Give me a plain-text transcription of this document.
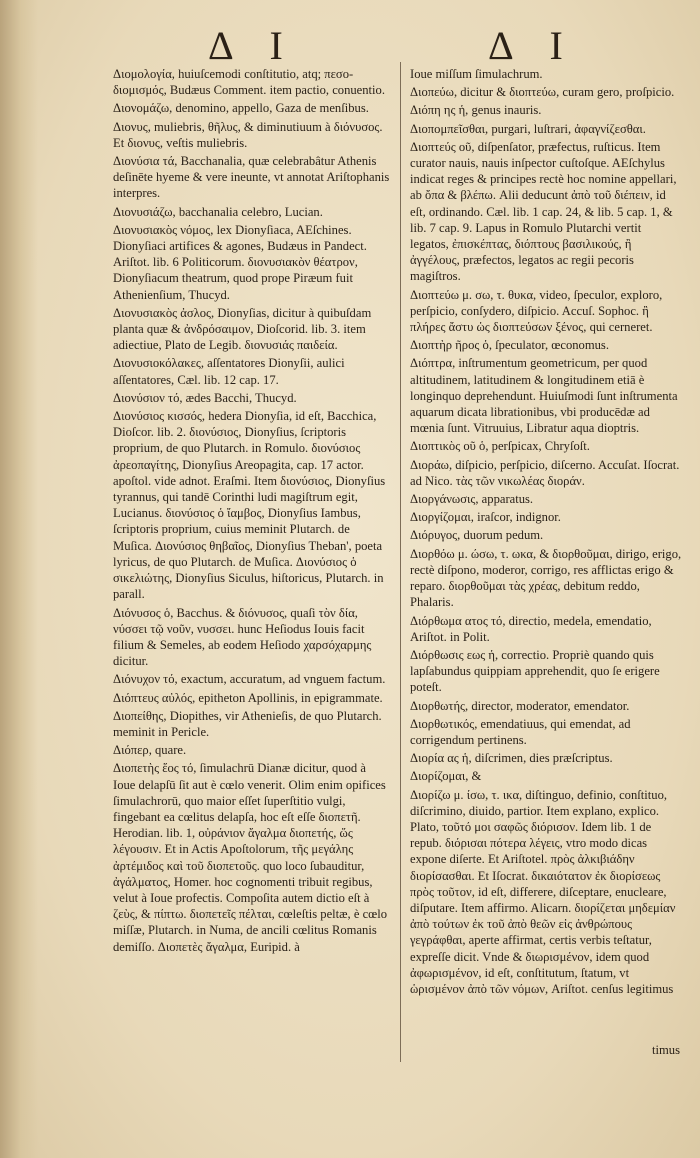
Δ I	Δ I
Διομολογία, huiuſcemodi conſtitutio, atq; πεσο-διομισμός, Budæus Comment. item pactio, conuentio.
Διονομάζω, denomino, appello, Gaza de menſibus.
Διονυς, muliebris, θῆλυς, & diminutiuum à διόνυσος. Et διονυς, veſtis muliebris.
Διονύσια τά, Bacchanalia, quæ celebrabâtur Athenis deſinēte hyeme & vere ineunte, vt annotat Ariſtophanis interpres.
Διονυσιάζω, bacchanalia celebro, Lucian.
Διονυσιακὸς νόμος, lex Dionyſiaca, AEſchines. Dionyſiaci artifices & agones, Budæus in Pandect. Ariſtot. lib. 6 Politicorum. διονυσιακὸν θέατρον, Dionyſiacum theatrum, quod prope Piræum fuit Athenienſium, Thucyd.
Διονυσιακὸς ἀσλος, Dionyſias, dicitur à quibuſdam planta quæ & ἀνδρόσαιμον, Dioſcorid. lib. 3. item adiectiue, Plato de Legib. διονυσιάς παιδεία.
Διονυσιοκόλακες, aſſentatores Dionyſii, aulici aſſentatores, Cæl. lib. 12 cap. 17.
Διονύσιον τό, ædes Bacchi, Thucyd.
Διονύσιος κισσός, hedera Dionyſia, id eſt, Bacchica, Dioſcor. lib. 2. διονύσιος, Dionyſius, ſcriptoris proprium, de quo Plutarch. in Romulo. διονύσιος ἀρεοπαγίτης, Dionyſius Areopagita, cap. 17 actor. apoſtol. vide adnot. Eraſmi. Item διονύσιος, Dionyſius tyrannus, qui tandē Corinthi ludi magiſtrum egit, Lucianus. διονύσιος ὁ ἴαμβος, Dionyſius Iambus, ſcriptoris proprium, cuius meminit Plutarch. de Muſica. Διονύσιος θηβαῖος, Dionyſius Theban', poeta lyricus, de quo Plutarch. de Muſica. Διονύσιος ὁ σικελιώτης, Dionyſius Siculus, hiſtoricus, Plutarch. in parall.
Διόνυσος ὁ, Bacchus. & διόνυσος, quaſi τὸν δία, νύσσει τῷ νοῦν, νυσσει. hunc Heſiodus Iouis facit filium & Semeles, ab eodem Heſiodo χαρσόχαρμης dicitur.
Διόνυχον τό, exactum, accuratum, ad vnguem factum.
Διόπτευς αὐλός, epitheton Apollinis, in epigrammate.
Διοπείθης, Diopithes, vir Athenieſis, de quo Plutarch. meminit in Pericle.
Διόπερ, quare.
Διοπετὴς ἕος τό, ſimulachrū Dianæ dicitur, quod à Ioue delapſū ſit aut è cœlo venerit. Olim enim opifices ſimulachrorū, quo maior eſſet ſuperſtitio vulgi, fingebant ea cœlitus delapſa, hoc eſt eſſe διοπετῆ. Herodian. lib. 1, οὐράνιον ἄγαλμα διοπετής, ὥς λέγουσιν. Et in Actis Apoſtolorum, τῆς μεγάλης ἀρτέμιδος καὶ τοῦ διοπετοῦς. quo loco ſubauditur, ἀγάλματος, Homer. hoc cognomenti tribuit regibus, velut à Ioue profectis. Compoſita autem dictio eſt à ζεὺς, & πίπτω. διοπετεῖς πέλται, cœleſtis peltæ, è cœlo miſſæ, Plutarch. in Numa, de ancili cœlitus Romanis demiſſo. Διοπετὲς ἄγαλμα, Euripid. à
Ioue miſſum ſimulachrum.
Διοπεύω, dicitur & διοπτεύω, curam gero, proſpicio.
Διόπη ης ἡ, genus inauris.
Διοπομπεῖσθαι, purgari, luſtrari, ἀφαγνίζεσθαι.
Διοπτεύς οῦ, diſpenſator, præfectus, ruſticus. Item curator nauis, nauis inſpector cuſtoſque. AEſchylus indicat reges & principes rectè hoc nomine appellari, ab ὄπα & βλέπω. Alii deducunt ἀπὸ τοῦ διέπειν, id eſt, ordinando. Cæl. lib. 1 cap. 24, & lib. 5 cap. 1, & lib. 7 cap. 9. Lapus in Romulo Plutarchi vertit legatos, ἐπισκέπτας, διόπτους βασιλικούς, ἢ ἀγγέλους, præfectos, legatos ac regii pecoris magiſtros.
Διοπτεύω μ. σω, τ. θυκα, video, ſpeculor, exploro, perſpicio, conſydero, diſpicio. Accuſ. Sophoc. ἢ πλήρες ἄστυ ὡς διοπτεύσων ξένος, qui cerneret.
Διοπτὴρ ῆρος ὁ, ſpeculator, œconomus.
Διόπτρα, inſtrumentum geometricum, per quod altitudinem, latitudinem & longitudinem etiā è longinquo deprehendunt. Huiuſmodi ſunt inſtrumenta aquarum dicata librationibus, vbi producēdæ ad mœnia ſunt. Vitruuius, Libratur aqua dioptris.
Διοπτικὸς οῦ ὁ, perſpicax, Chryſoſt.
Διοράω, diſpicio, perſpicio, diſcerno. Accuſat. Iſocrat. ad Nico. τὰς τῶν νικωλέας διοράν.
Διοργάνωσις, apparatus.
Διοργίζομαι, iraſcor, indignor.
Διόρυγος, duorum pedum.
Διορθόω μ. ώσω, τ. ωκα, & διορθοῦμαι, dirigo, erigo, rectè diſpono, moderor, corrigo, res afflictas erigo & reparo. διορθοῦμαι τὰς χρέας, debitum reddo, Phalaris.
Διόρθωμα ατος τό, directio, medela, emendatio, Ariſtot. in Polit.
Διόρθωσις εως ἡ, correctio. Propriè quando quis lapſabundus quippiam apprehendit, quo ſe erigere poteſt.
Διορθωτής, director, moderator, emendator.
Διορθωτικός, emendatiuus, qui emendat, ad corrigendum pertinens.
Διορία ας ἡ, diſcrimen, dies præſcriptus.
Διορίζομαι, &
Διορίζω μ. ίσω, τ. ικα, diſtinguo, definio, conſtituo, diſcrimino, diuido, partior. Item explano, explico. Plato, τοῦτό μοι σαφῶς διόρισον. Idem lib. 1 de repub. διόρισαι πότερα λέγεις, vtro modo dicas expone diſerte. Et Ariſtotel. πρὸς ἀλκιβιάδην διορίσασθαι. Et Iſocrat. δικαιότατον ἐκ διορίσεως πρὸς τοῦτον, id eſt, differere, diſceptare, enucleare, diſputare. Item affirmo. Alicarn. διορίζεται μηδεμίαν ἀπὸ τούτων ἐκ τοῦ ἀπὸ θεῶν εἰς ἀνθρώπους γεγράφθαι, aperte affirmat, certis verbis teſtatur, expreſſe dicit. Vnde & διωρισμένον, idem quod ἀφωρισμένον, id eſt, conſtitutum, ſtatum, vt ὡρισμένον ἀπὸ τῶν νόμων, Ariſtot. cenſus legitimus
timus
